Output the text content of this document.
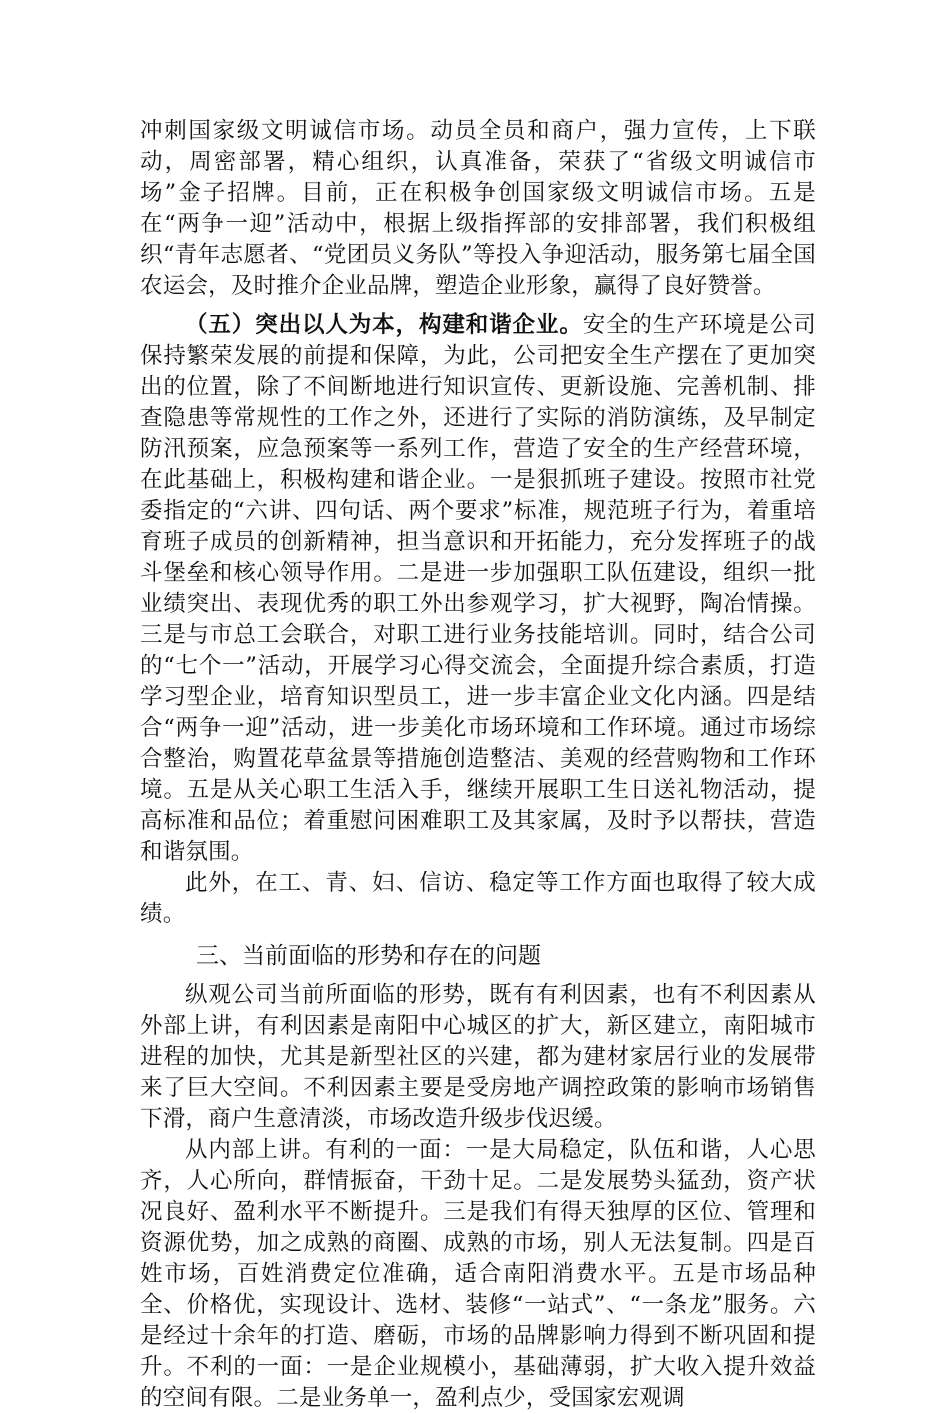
冲刺国家级文明诚信市场。动员全员和商户，强力宣传，上下联动，周密部署，精心组织，认真准备，荣获了“省级文明诚信市场”金子招牌。目前，正在积极争创国家级文明诚信市场。五是在“两争一迎”活动中，根据上级指挥部的安排部署，我们积极组织“青年志愿者、“党团员义务队”等投入争迎活动，服务第七届全国农运会，及时推介企业品牌，塑造企业形象，赢得了良好赞誉。

（五）突出以人为本，构建和谐企业。安全的生产环境是公司保持繁荣发展的前提和保障，为此，公司把安全生产摆在了更加突出的位置，除了不间断地进行知识宣传、更新设施、完善机制、排查隐患等常规性的工作之外，还进行了实际的消防演练，及早制定防汛预案，应急预案等一系列工作，营造了安全的生产经营环境，在此基础上，积极构建和谐企业。一是狠抓班子建设。按照市社党委指定的“六讲、四句话、两个要求”标准，规范班子行为，着重培育班子成员的创新精神，担当意识和开拓能力，充分发挥班子的战斗堡垒和核心领导作用。二是进一步加强职工队伍建设，组织一批业绩突出、表现优秀的职工外出参观学习，扩大视野，陶冶情操。三是与市总工会联合，对职工进行业务技能培训。同时，结合公司的“七个一”活动，开展学习心得交流会，全面提升综合素质，打造学习型企业，培育知识型员工，进一步丰富企业文化内涵。四是结合“两争一迎”活动，进一步美化市场环境和工作环境。通过市场综合整治，购置花草盆景等措施创造整洁、美观的经营购物和工作环境。五是从关心职工生活入手，继续开展职工生日送礼物活动，提高标准和品位；着重慰问困难职工及其家属，及时予以帮扶，营造和谐氛围。

此外，在工、青、妇、信访、稳定等工作方面也取得了较大成绩。

三、当前面临的形势和存在的问题

纵观公司当前所面临的形势，既有有利因素，也有不利因素从外部上讲，有利因素是南阳中心城区的扩大，新区建立，南阳城市进程的加快，尤其是新型社区的兴建，都为建材家居行业的发展带来了巨大空间。不利因素主要是受房地产调控政策的影响市场销售下滑，商户生意清淡，市场改造升级步伐迟缓。

从内部上讲。有利的一面：一是大局稳定，队伍和谐，人心思齐，人心所向，群情振奋，干劲十足。二是发展势头猛劲，资产状况良好、盈利水平不断提升。三是我们有得天独厚的区位、管理和资源优势，加之成熟的商圈、成熟的市场，别人无法复制。四是百姓市场，百姓消费定位准确，适合南阳消费水平。五是市场品种全、价格优，实现设计、选材、装修“一站式”、“一条龙”服务。六是经过十余年的打造、磨砺，市场的品牌影响力得到不断巩固和提升。不利的一面：一是企业规模小，基础薄弱，扩大收入提升效益的空间有限。二是业务单一，盈利点少，受国家宏观调
